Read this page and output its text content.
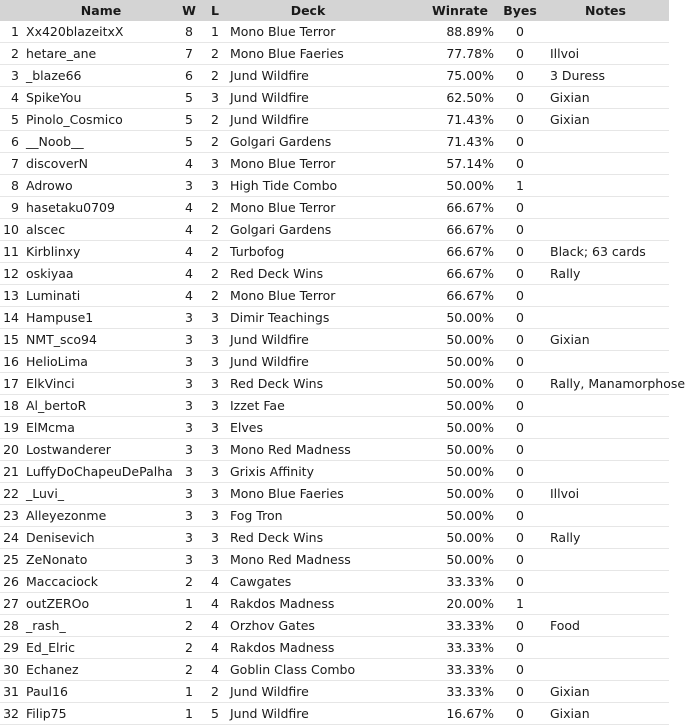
	Name	W	L	Deck	Winrate	Byes	Notes
1	Xx420blazeitxX	8	1	Mono Blue Terror	88.89%	0	
2	hetare_ane	7	2	Mono Blue Faeries	77.78%	0	Illvoi
3	_blaze66	6	2	Jund Wildfire	75.00%	0	3 Duress
4	SpikeYou	5	3	Jund Wildfire	62.50%	0	Gixian
5	Pinolo_Cosmico	5	2	Jund Wildfire	71.43%	0	Gixian
6	__Noob__	5	2	Golgari Gardens	71.43%	0	
7	discoverN	4	3	Mono Blue Terror	57.14%	0	
8	Adrowo	3	3	High Tide Combo	50.00%	1	
9	hasetaku0709	4	2	Mono Blue Terror	66.67%	0	
10	alscec	4	2	Golgari Gardens	66.67%	0	
11	Kirblinxy	4	2	Turbofog	66.67%	0	Black; 63 cards
12	oskiyaa	4	2	Red Deck Wins	66.67%	0	Rally
13	Luminati	4	2	Mono Blue Terror	66.67%	0	
14	Hampuse1	3	3	Dimir Teachings	50.00%	0	
15	NMT_sco94	3	3	Jund Wildfire	50.00%	0	Gixian
16	HelioLima	3	3	Jund Wildfire	50.00%	0	
17	ElkVinci	3	3	Red Deck Wins	50.00%	0	Rally, Manamorphose
18	Al_bertoR	3	3	Izzet Fae	50.00%	0	
19	ElMcma	3	3	Elves	50.00%	0	
20	Lostwanderer	3	3	Mono Red Madness	50.00%	0	
21	LuffyDoChapeuDePalha	3	3	Grixis Affinity	50.00%	0	
22	_Luvi_	3	3	Mono Blue Faeries	50.00%	0	Illvoi
23	Alleyezonme	3	3	Fog Tron	50.00%	0	
24	Denisevich	3	3	Red Deck Wins	50.00%	0	Rally
25	ZeNonato	3	3	Mono Red Madness	50.00%	0	
26	Maccaciock	2	4	Cawgates	33.33%	0	
27	outZEROo	1	4	Rakdos Madness	20.00%	1	
28	_rash_	2	4	Orzhov Gates	33.33%	0	Food
29	Ed_Elric	2	4	Rakdos Madness	33.33%	0	
30	Echanez	2	4	Goblin Class Combo	33.33%	0	
31	Paul16	1	2	Jund Wildfire	33.33%	0	Gixian
32	Filip75	1	5	Jund Wildfire	16.67%	0	Gixian
